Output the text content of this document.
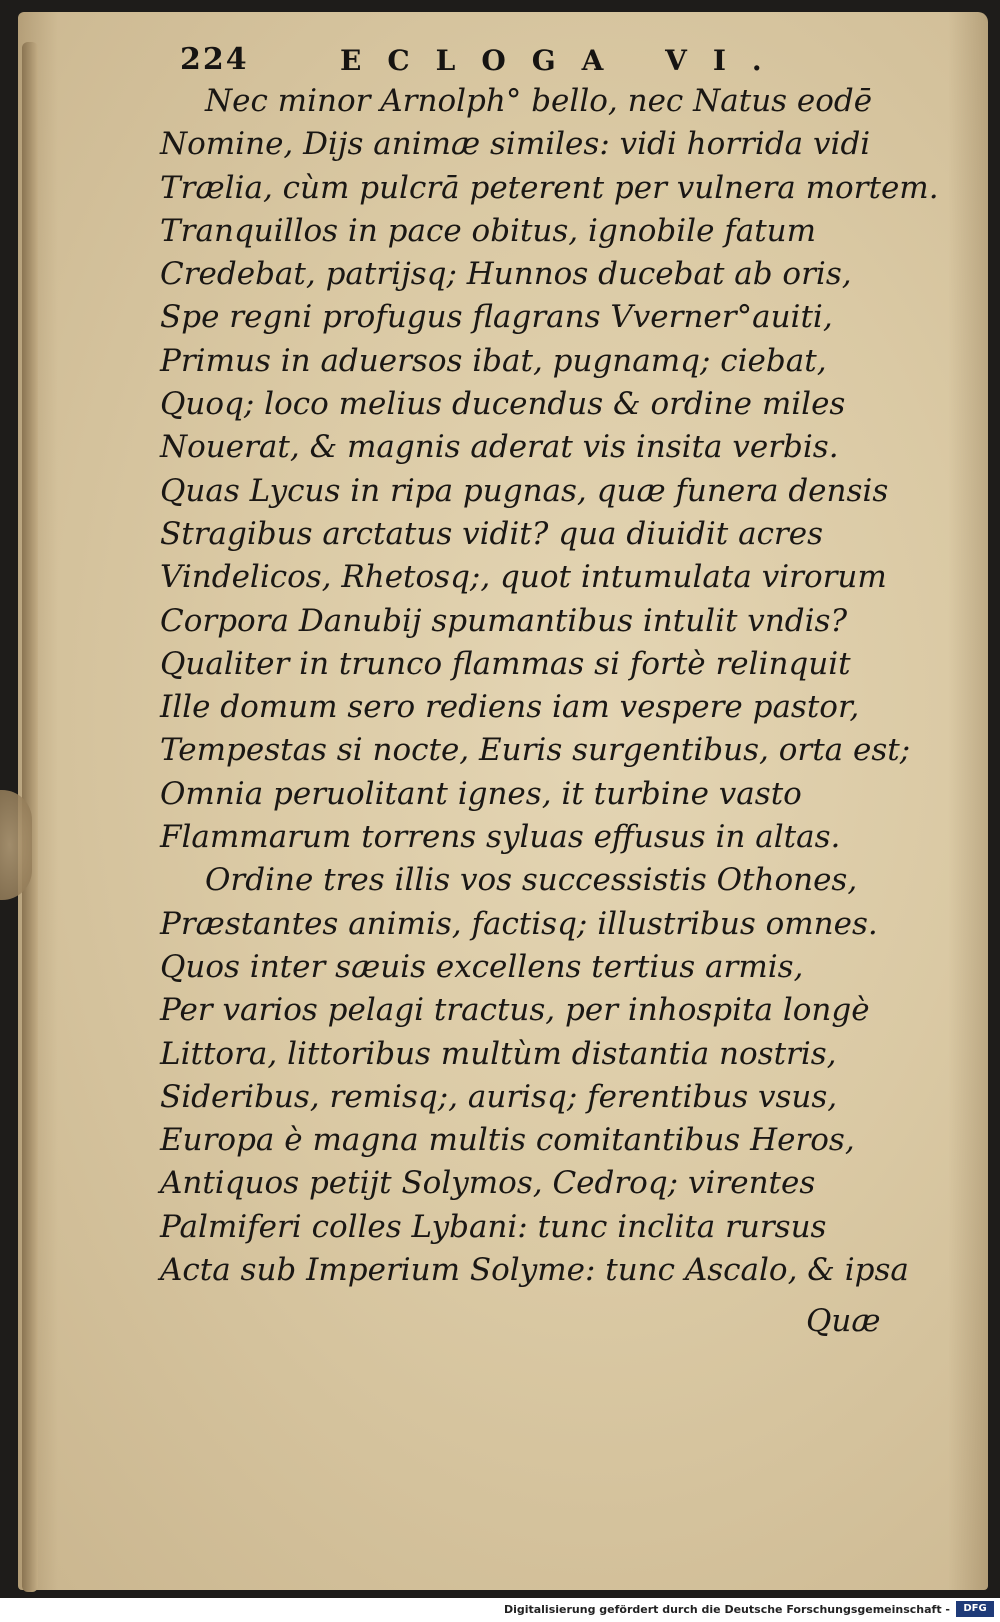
224	ECLOGA VI.
Nec minor Arnolph° bello, nec Natus eodē
Nomine, Dijs animæ similes: vidi horrida vidi
Trælia, cùm pulcrā peterent per vulnera mortem.
Tranquillos in pace obitus, ignobile fatum
Credebat, patrijsq; Hunnos ducebat ab oris,
Spe regni profugus flagrans Vverner°auiti,
Primus in aduersos ibat, pugnamq; ciebat,
Quoq; loco melius ducendus & ordine miles
Nouerat, & magnis aderat vis insita verbis.
Quas Lycus in ripa pugnas, quæ funera densis
Stragibus arctatus vidit? qua diuidit acres
Vindelicos, Rhetosq;, quot intumulata virorum
Corpora Danubij spumantibus intulit vndis?
Qualiter in trunco flammas si fortè relinquit
Ille domum sero rediens iam vespere pastor,
Tempestas si nocte, Euris surgentibus, orta est;
Omnia peruolitant ignes, it turbine vasto
Flammarum torrens syluas effusus in altas.
Ordine tres illis vos successistis Othones,
Præstantes animis, factisq; illustribus omnes.
Quos inter sæuis excellens tertius armis,
Per varios pelagi tractus, per inhospita longè
Littora, littoribus multùm distantia nostris,
Sideribus, remisq;, aurisq; ferentibus vsus,
Europa è magna multis comitantibus Heros,
Antiquos petijt Solymos, Cedroq; virentes
Palmiferi colles Lybani: tunc inclita rursus
Acta sub Imperium Solyme: tunc Ascalo, & ipsa
Quæ
Digitalisierung gefördert durch die Deutsche Forschungsgemeinschaft -	DFG
